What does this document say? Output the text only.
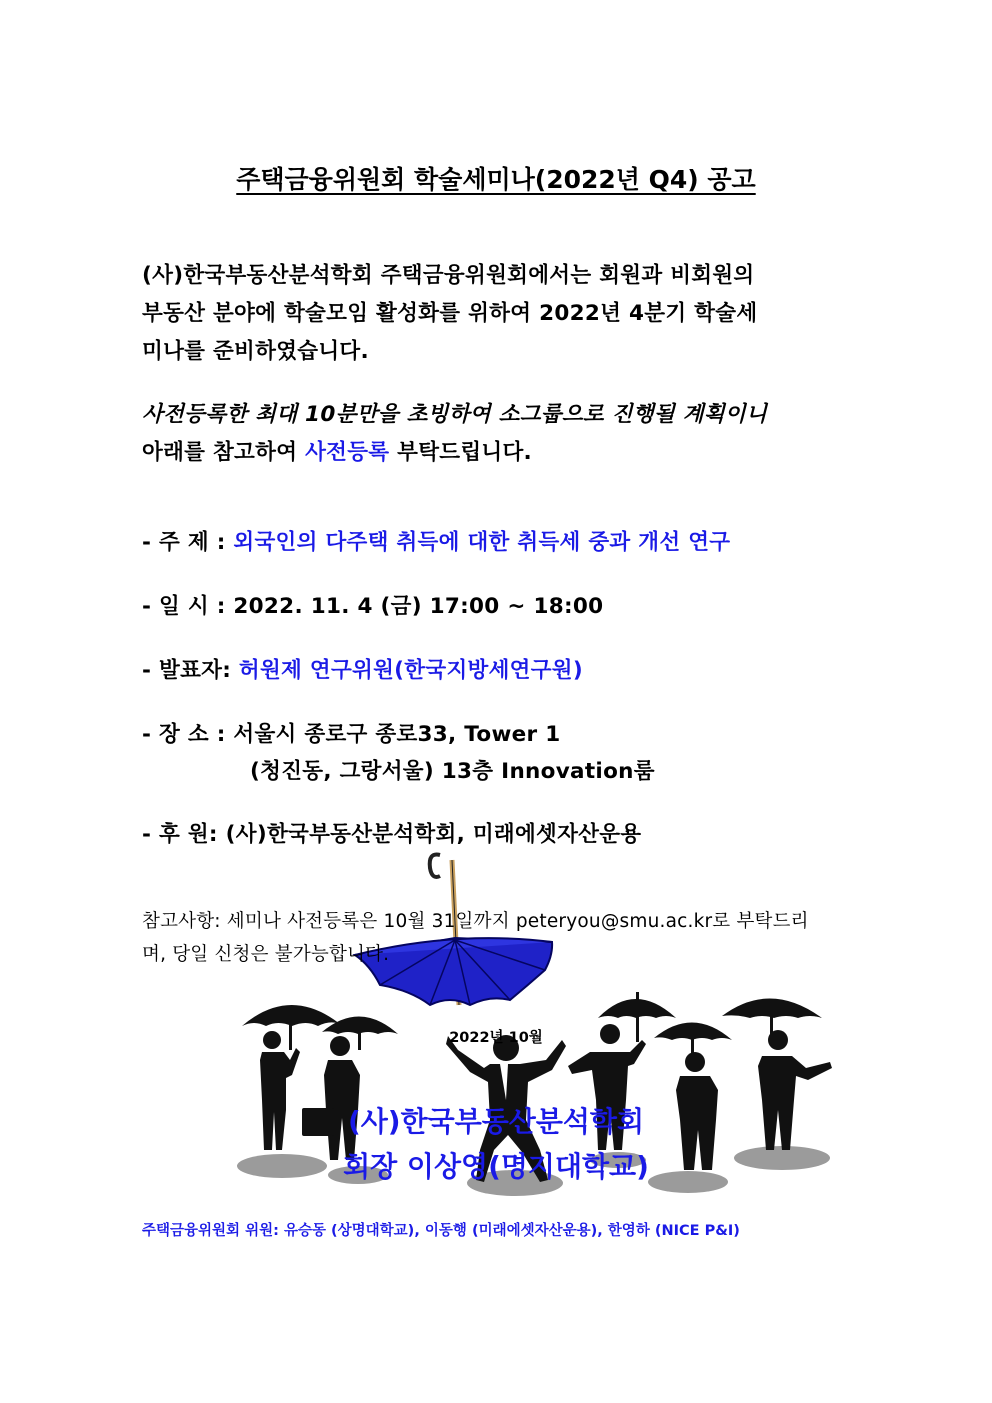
주택금융위원회 학술세미나(2022년 Q4) 공고
(사)한국부동산분석학회 주택금융위원회에서는 회원과 비회원의
부동산 분야에 학술모임 활성화를 위하여 2022년 4분기 학술세
미나를 준비하였습니다.
사전등록한 최대 10분만을 초빙하여 소그룹으로 진행될 계획이니
아래를 참고하여 사전등록 부탁드립니다.
- 주 제 : 외국인의 다주택 취득에 대한 취득세 중과 개선 연구
- 일 시 : 2022. 11. 4 (금) 17:00 ~ 18:00
- 발표자: 허원제 연구위원(한국지방세연구원)
- 장 소 : 서울시 종로구 종로33, Tower 1
(청진동, 그랑서울) 13층 Innovation룸
- 후 원: (사)한국부동산분석학회, 미래에셋자산운용
참고사항: 세미나 사전등록은 10월 31일까지 peteryou@smu.ac.kr로 부탁드리
며, 당일 신청은 불가능합니다.
2022년 10월
(사)한국부동산분석학회
회장 이상영(명지대학교)
주택금융위원회 위원: 유승동 (상명대학교), 이동행 (미래에셋자산운용), 한영하 (NICE P&I)
